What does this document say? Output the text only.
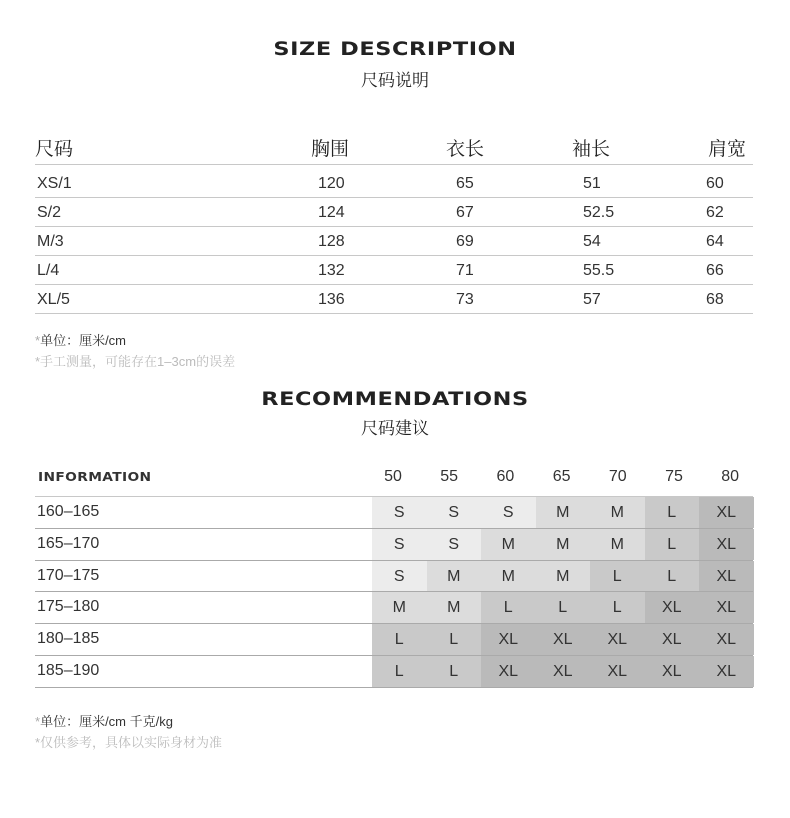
SIZE DESCRIPTION
尺码说明
尺码	胸围	衣长	袖长	肩宽
XS/1	120	65	51	60
S/2	124	67	52.5	62
M/3	128	69	54	64
L/4	132	71	55.5	66
XL/5	136	73	57	68
*单位：厘米/cm
*手工测量，可能存在1–3cm的误差
RECOMMENDATIONS
尺码建议
INFORMATION	50	55	60	65	70	75	80
160–165	S	S	S	M	M	L	XL
165–170	S	S	M	M	M	L	XL
170–175	S	M	M	M	L	L	XL
175–180	M	M	L	L	L	XL	XL
180–185	L	L	XL	XL	XL	XL	XL
185–190	L	L	XL	XL	XL	XL	XL
*单位：厘米/cm 千克/kg
*仅供参考，具体以实际身材为准
